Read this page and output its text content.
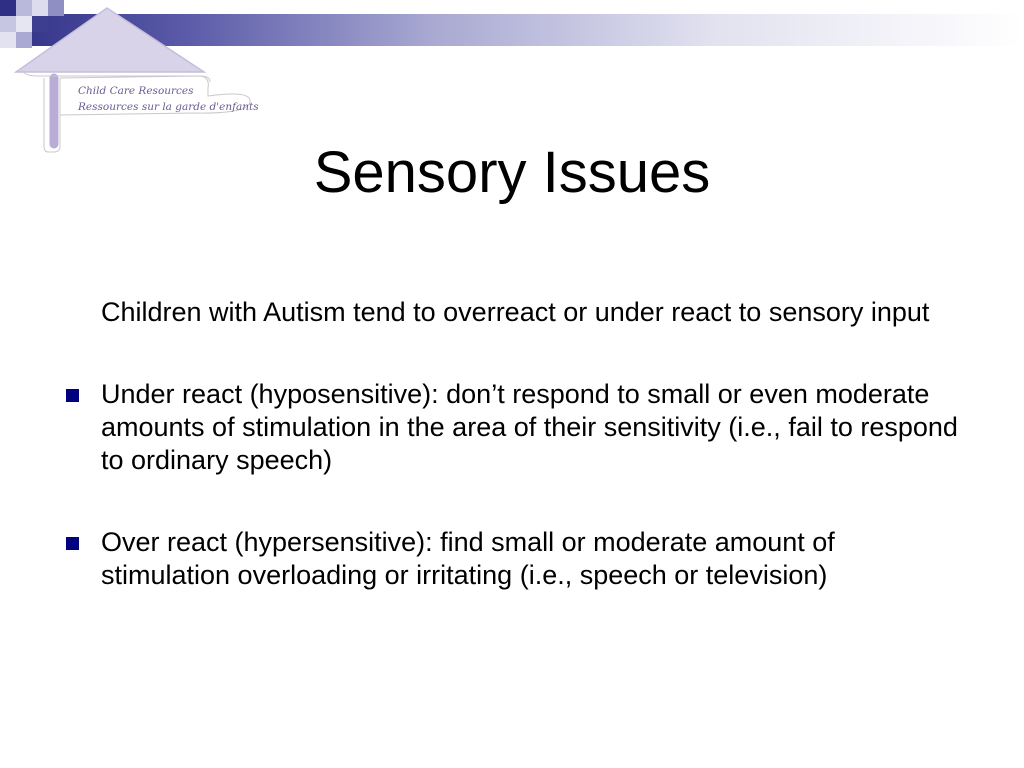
Child Care Resources
Ressources sur la garde d'enfants
Sensory Issues

Children with Autism tend to overreact or under react to sensory input

Under react (hyposensitive): don’t respond to small or even moderate amounts of stimulation in the area of their sensitivity (i.e., fail to respond to ordinary speech)

Over react (hypersensitive): find small or moderate amount of stimulation overloading or irritating (i.e., speech or television)
